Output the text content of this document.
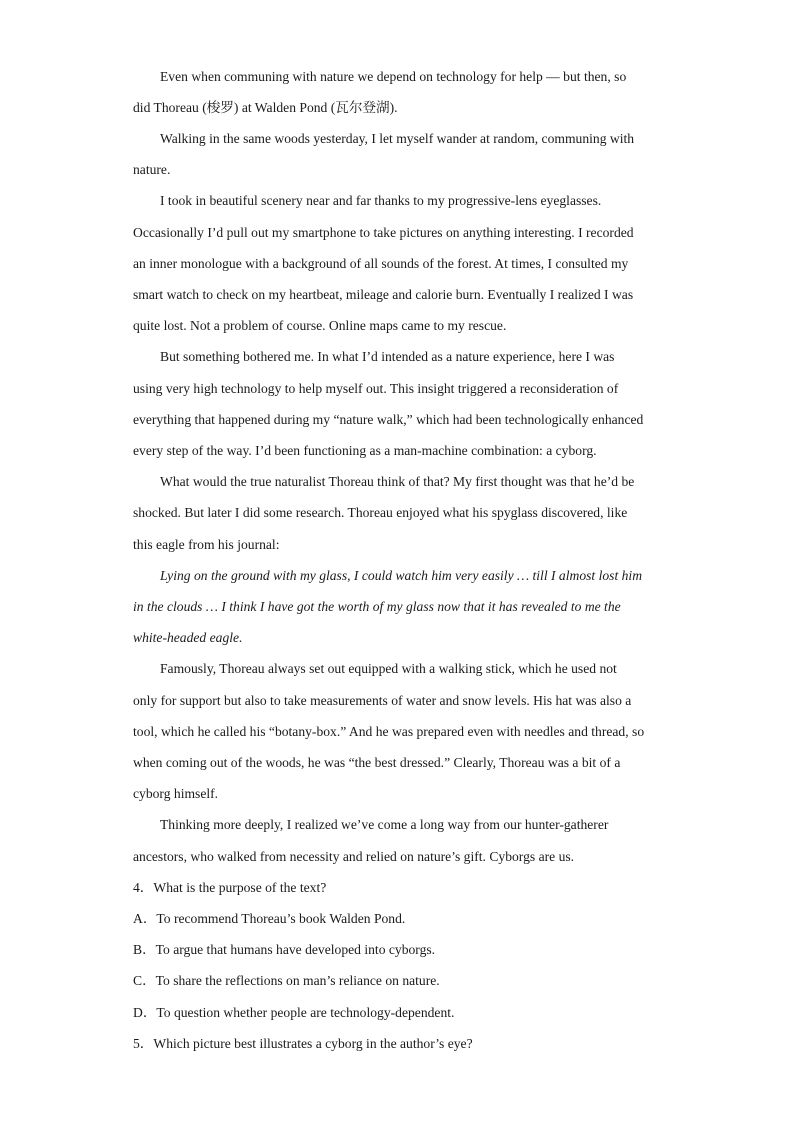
Even when communing with nature we depend on technology for help — but then, so
did Thoreau (梭罗) at Walden Pond (瓦尔登湖).
Walking in the same woods yesterday, I let myself wander at random, communing with
nature.
I took in beautiful scenery near and far thanks to my progressive-lens eyeglasses.
Occasionally I’d pull out my smartphone to take pictures on anything interesting. I recorded
an inner monologue with a background of all sounds of the forest. At times, I consulted my
smart watch to check on my heartbeat, mileage and calorie burn. Eventually I realized I was
quite lost. Not a problem of course. Online maps came to my rescue.
But something bothered me. In what I’d intended as a nature experience, here I was
using very high technology to help myself out. This insight triggered a reconsideration of
everything that happened during my “nature walk,” which had been technologically enhanced
every step of the way. I’d been functioning as a man-machine combination: a cyborg.
What would the true naturalist Thoreau think of that? My first thought was that he’d be
shocked. But later I did some research. Thoreau enjoyed what his spyglass discovered, like
this eagle from his journal:
Lying on the ground with my glass, I could watch him very easily … till I almost lost him
in the clouds … I think I have got the worth of my glass now that it has revealed to me the
white-headed eagle.
Famously, Thoreau always set out equipped with a walking stick, which he used not
only for support but also to take measurements of water and snow levels. His hat was also a
tool, which he called his “botany-box.” And he was prepared even with needles and thread, so
when coming out of the woods, he was “the best dressed.” Clearly, Thoreau was a bit of a
cyborg himself.
Thinking more deeply, I realized we’ve come a long way from our hunter-gatherer
ancestors, who walked from necessity and relied on nature’s gift. Cyborgs are us.
4．What is the purpose of the text?
A．To recommend Thoreau’s book Walden Pond.
B．To argue that humans have developed into cyborgs.
C．To share the reflections on man’s reliance on nature.
D．To question whether people are technology-dependent.
5．Which picture best illustrates a cyborg in the author’s eye?
